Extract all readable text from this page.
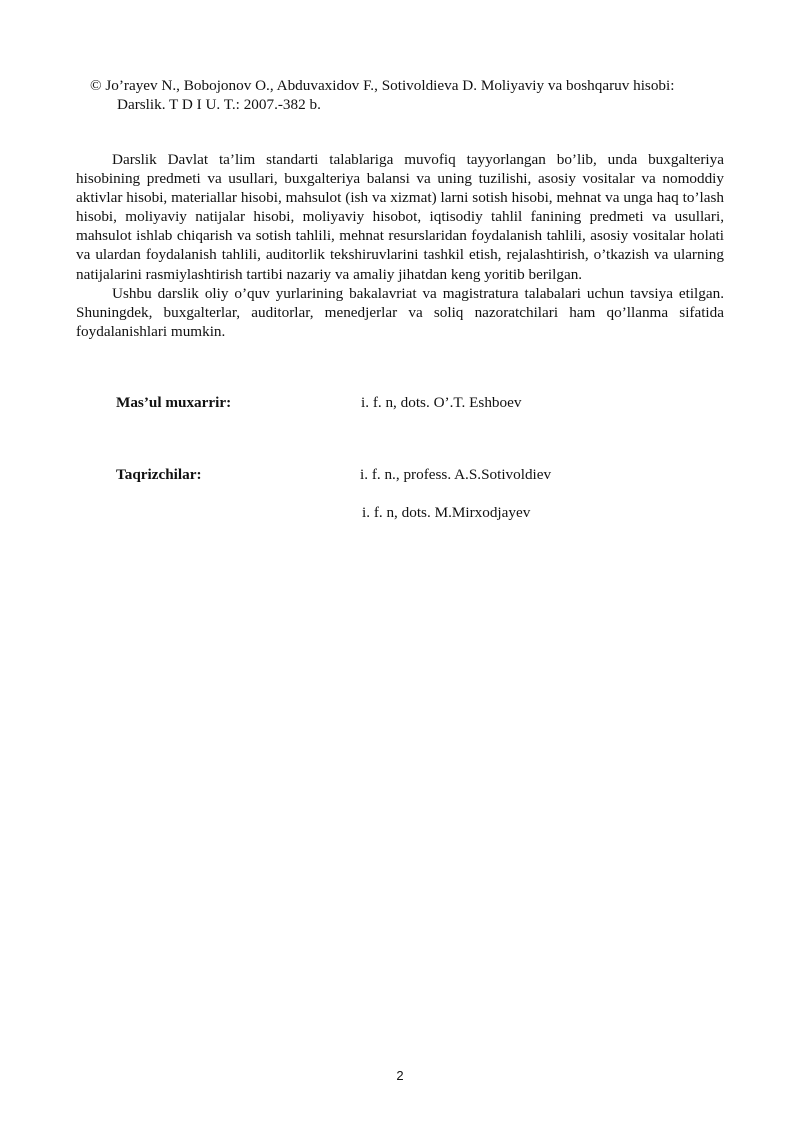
© Jo’rayev N., Bobojonov O., Abduvaxidov F., Sotivoldieva D. Moliyaviy va boshqaruv hisobi:
Darslik. T D I U. T.: 2007.-382 b.

Darslik Davlat ta’lim standarti talablariga muvofiq tayyorlangan bo’lib, unda buxgalteriya hisobining predmeti va usullari, buxgalteriya balansi va uning tuzilishi, asosiy vositalar va nomoddiy aktivlar hisobi, materiallar hisobi, mahsulot (ish va xizmat) larni sotish hisobi, mehnat va unga haq to’lash hisobi, moliyaviy natijalar hisobi, moliyaviy hisobot, iqtisodiy tahlil fanining predmeti va usullari, mahsulot ishlab chiqarish va sotish tahlili, mehnat resurslaridan foydalanish tahlili, asosiy vositalar holati va ulardan foydalanish tahlili, auditorlik tekshiruvlarini tashkil etish, rejalashtirish, o’tkazish va ularning natijalarini rasmiylashtirish tartibi nazariy va amaliy jihatdan keng yoritib berilgan.

Ushbu darslik oliy o’quv yurlarining bakalavriat va magistratura talabalari uchun tavsiya etilgan. Shuningdek, buxgalterlar, auditorlar, menedjerlar va soliq nazoratchilari ham qo’llanma sifatida foydalanishlari mumkin.

Mas’ul muxarrir:	i. f. n, dots. O’.T. Eshboev
Taqrizchilar:	i. f. n., profess. A.S.Sotivoldiev
i. f. n, dots. M.Mirxodjayev
2
